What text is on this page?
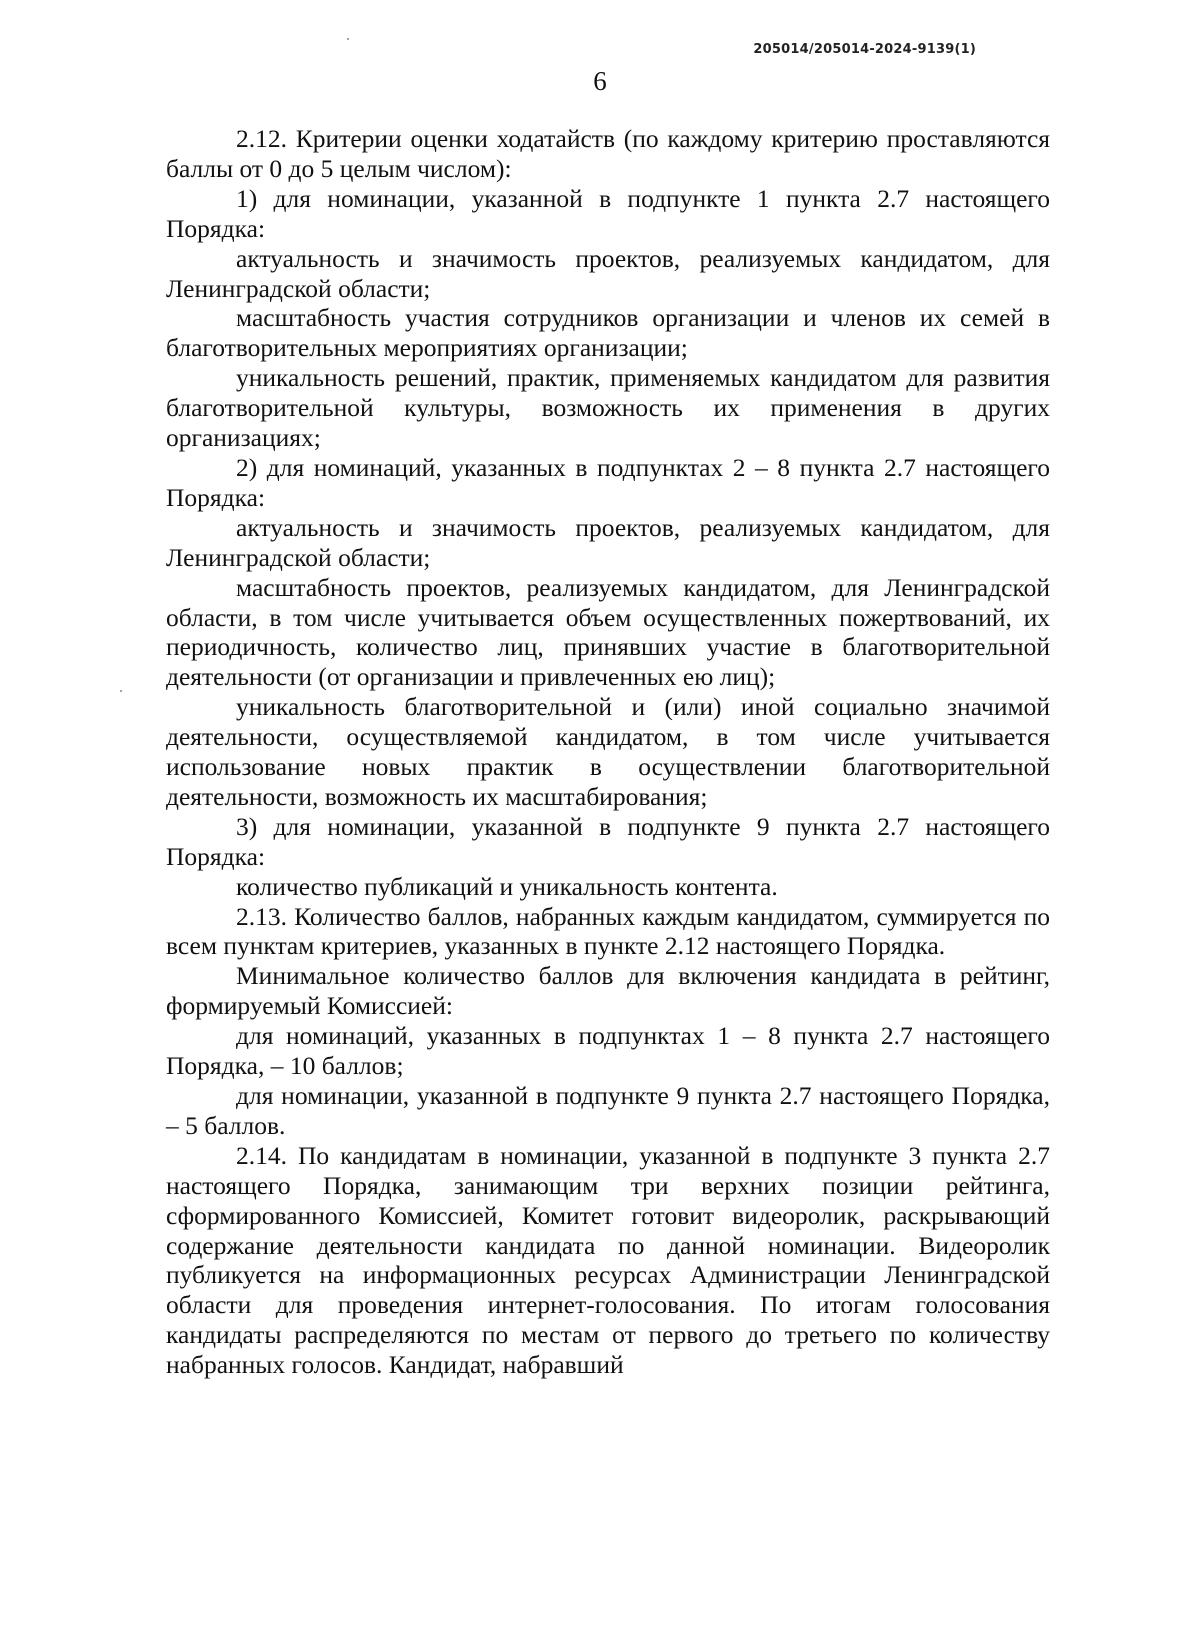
205014/205014-2024-9139(1)
6

2.12. Критерии оценки ходатайств (по каждому критерию проставляются баллы от 0 до 5 целым числом):

1) для номинации, указанной в подпункте 1 пункта 2.7 настоящего Порядка:

актуальность и значимость проектов, реализуемых кандидатом, для Ленинградской области;

масштабность участия сотрудников организации и членов их семей в благотворительных мероприятиях организации;

уникальность решений, практик, применяемых кандидатом для развития благотворительной культуры, возможность их применения в других организациях;

2) для номинаций, указанных в подпунктах 2 – 8 пункта 2.7 настоящего Порядка:

актуальность и значимость проектов, реализуемых кандидатом, для Ленинградской области;

масштабность проектов, реализуемых кандидатом, для Ленинградской области, в том числе учитывается объем осуществленных пожертвований, их периодичность, количество лиц, принявших участие в благотворительной деятельности (от организации и привлеченных ею лиц);

уникальность благотворительной и (или) иной социально значимой деятельности, осуществляемой кандидатом, в том числе учитывается использование новых практик в осуществлении благотворительной деятельности, возможность их масштабирования;

3) для номинации, указанной в подпункте 9 пункта 2.7 настоящего Порядка:

количество публикаций и уникальность контента.

2.13. Количество баллов, набранных каждым кандидатом, суммируется по всем пунктам критериев, указанных в пункте 2.12 настоящего Порядка.

Минимальное количество баллов для включения кандидата в рейтинг, формируемый Комиссией:

для номинаций, указанных в подпунктах 1 – 8 пункта 2.7 настоящего Порядка, – 10 баллов;

для номинации, указанной в подпункте 9 пункта 2.7 настоящего Порядка, – 5 баллов.

2.14. По кандидатам в номинации, указанной в подпункте 3 пункта 2.7 настоящего Порядка, занимающим три верхних позиции рейтинга, сформированного Комиссией, Комитет готовит видеоролик, раскрывающий содержание деятельности кандидата по данной номинации. Видеоролик публикуется на информационных ресурсах Администрации Ленинградской области для проведения интернет-голосования. По итогам голосования кандидаты распределяются по местам от первого до третьего по количеству набранных голосов. Кандидат, набравший
